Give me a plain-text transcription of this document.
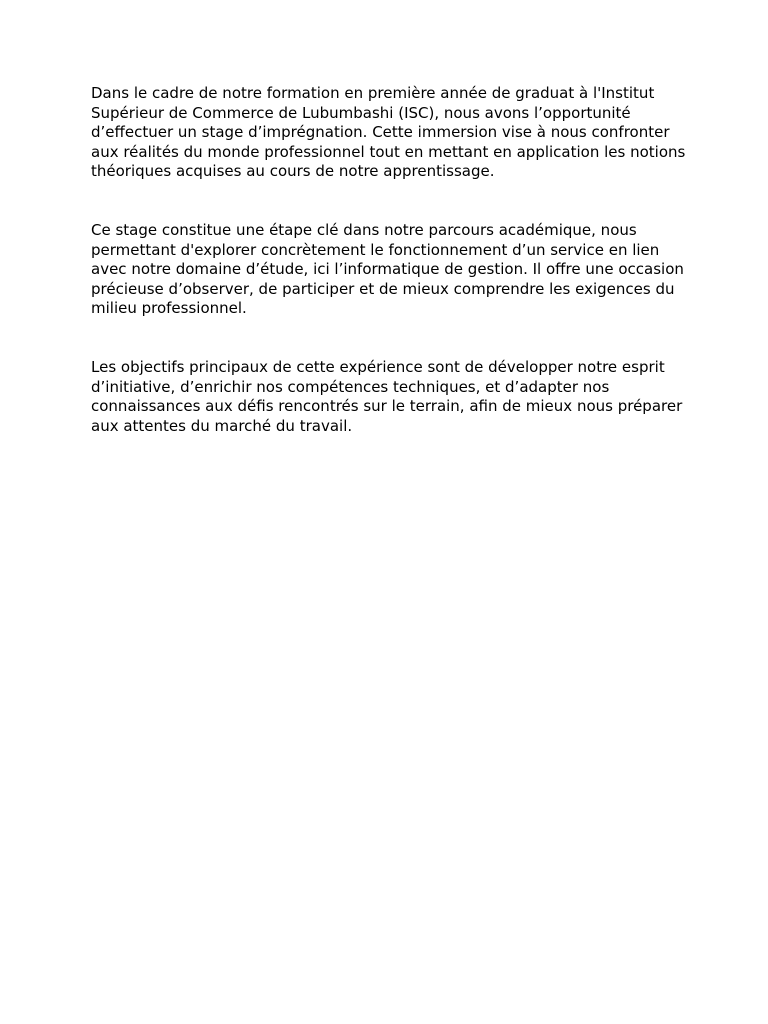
Dans le cadre de notre formation en première année de graduat à l'Institut Supérieur de Commerce de Lubumbashi (ISC), nous avons l’opportunité d’effectuer un stage d’imprégnation. Cette immersion vise à nous confronter aux réalités du monde professionnel tout en mettant en application les notions théoriques acquises au cours de notre apprentissage.

Ce stage constitue une étape clé dans notre parcours académique, nous permettant d'explorer concrètement le fonctionnement d’un service en lien avec notre domaine d’étude, ici l’informatique de gestion. Il offre une occasion précieuse d’observer, de participer et de mieux comprendre les exigences du milieu professionnel.

Les objectifs principaux de cette expérience sont de développer notre esprit d’initiative, d’enrichir nos compétences techniques, et d’adapter nos connaissances aux défis rencontrés sur le terrain, afin de mieux nous préparer aux attentes du marché du travail.
